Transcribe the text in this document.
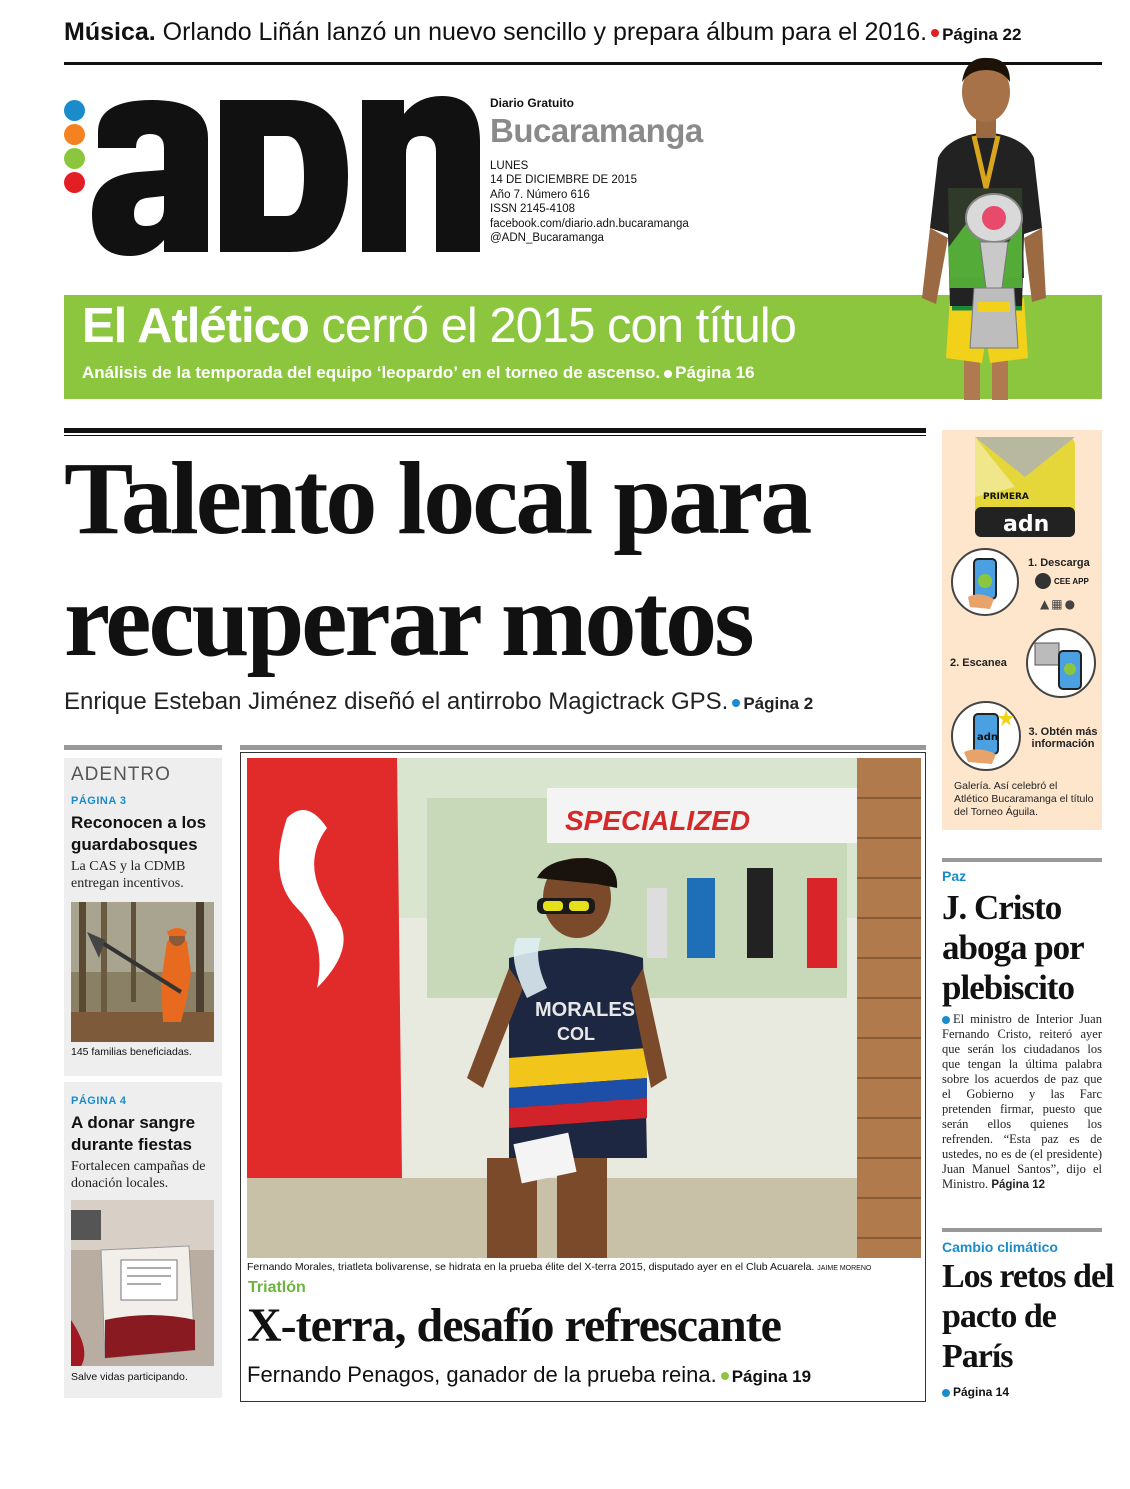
Música. Orlando Liñán lanzó un nuevo sencillo y prepara álbum para el 2016. Página 22
Diario Gratuito
Bucaramanga
LUNES
14 DE DICIEMBRE DE 2015
Año 7. Número 616
ISSN 2145-4108
facebook.com/diario.adn.bucaramanga
@ADN_Bucaramanga
El Atlético cerró el 2015 con título
Análisis de la temporada del equipo ‘leopardo’ en el torneo de ascenso. Página 16
Talento local para
recuperar motos
Enrique Esteban Jiménez diseñó el antirrobo Magictrack GPS. Página 2
ADENTRO
PÁGINA 3
Reconocen a los guardabosques
La CAS y la CDMB entregan incentivos.
145 familias beneficiadas.
PÁGINA 4
A donar sangre durante fiestas
Fortalecen campañas de donación locales.
Salve vidas participando.
SPECIALIZED
MORALES
COL
Fernando Morales, triatleta bolivarense, se hidrata en la prueba élite del X-terra 2015, disputado ayer en el Club Acuarela. JAIME MORENO
Triatlón
X-terra, desafío refrescante
Fernando Penagos, ganador de la prueba reina. Página 19
PRIMERA
adn
1. Descarga
CEE APP
▲▦●
2. Escanea
adn	3. Obtén más información
Galería. Así celebró el Atlético Bucaramanga el título del Torneo Águila.
Paz
J. Cristo aboga por plebiscito
El ministro de Interior Juan Fernando Cristo, reiteró ayer que serán los ciudadanos los que tengan la última palabra sobre los acuerdos de paz que el Gobierno y las Farc pretenden firmar, puesto que serán ellos quienes los refrenden. “Esta paz es de ustedes, no es de (el presidente) Juan Manuel Santos”, dijo el Ministro. Página 12
Cambio climático
Los retos del pacto de París
Página 14
